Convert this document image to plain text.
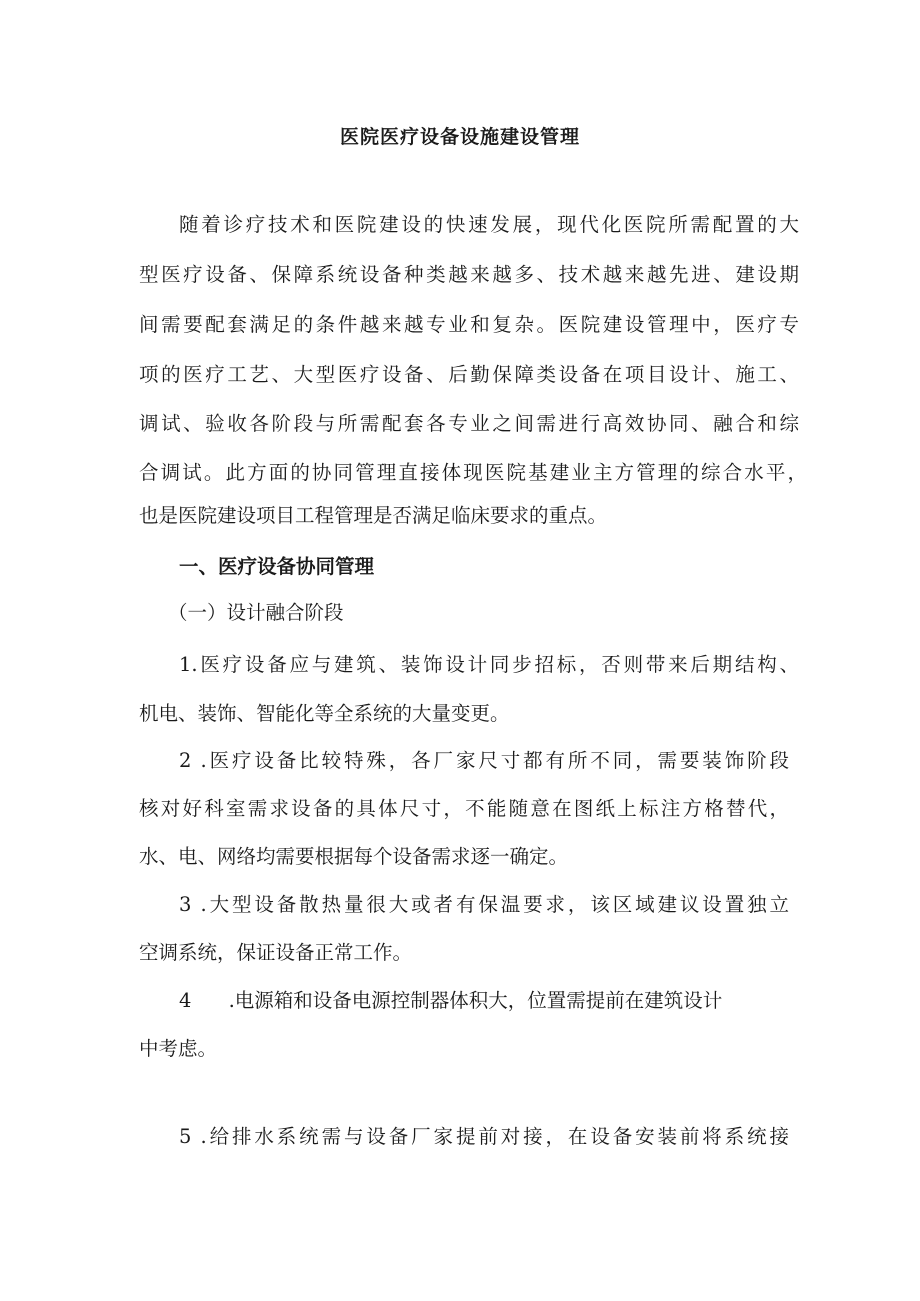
医院医疗设备设施建设管理
随着诊疗技术和医院建设的快速发展，现代化医院所需配置的大
型医疗设备、保障系统设备种类越来越多、技术越来越先进、建设期
间需要配套满足的条件越来越专业和复杂。医院建设管理中，医疗专
项的医疗工艺、大型医疗设备、后勤保障类设备在项目设计、施工、
调试、验收各阶段与所需配套各专业之间需进行高效协同、融合和综
合调试。此方面的协同管理直接体现医院基建业主方管理的综合水平，
也是医院建设项目工程管理是否满足临床要求的重点。
一、医疗设备协同管理
（一）设计融合阶段
1.医疗设备应与建筑、装饰设计同步招标，否则带来后期结构、
机电、装饰、智能化等全系统的大量变更。
2 .医疗设备比较特殊，各厂家尺寸都有所不同，需要装饰阶段
核对好科室需求设备的具体尺寸，不能随意在图纸上标注方格替代，
水、电、网络均需要根据每个设备需求逐一确定。
3 .大型设备散热量很大或者有保温要求，该区域建议设置独立
空调系统，保证设备正常工作。
4      .电源箱和设备电源控制器体积大，位置需提前在建筑设计
中考虑。
5 .给排水系统需与设备厂家提前对接，在设备安装前将系统接
